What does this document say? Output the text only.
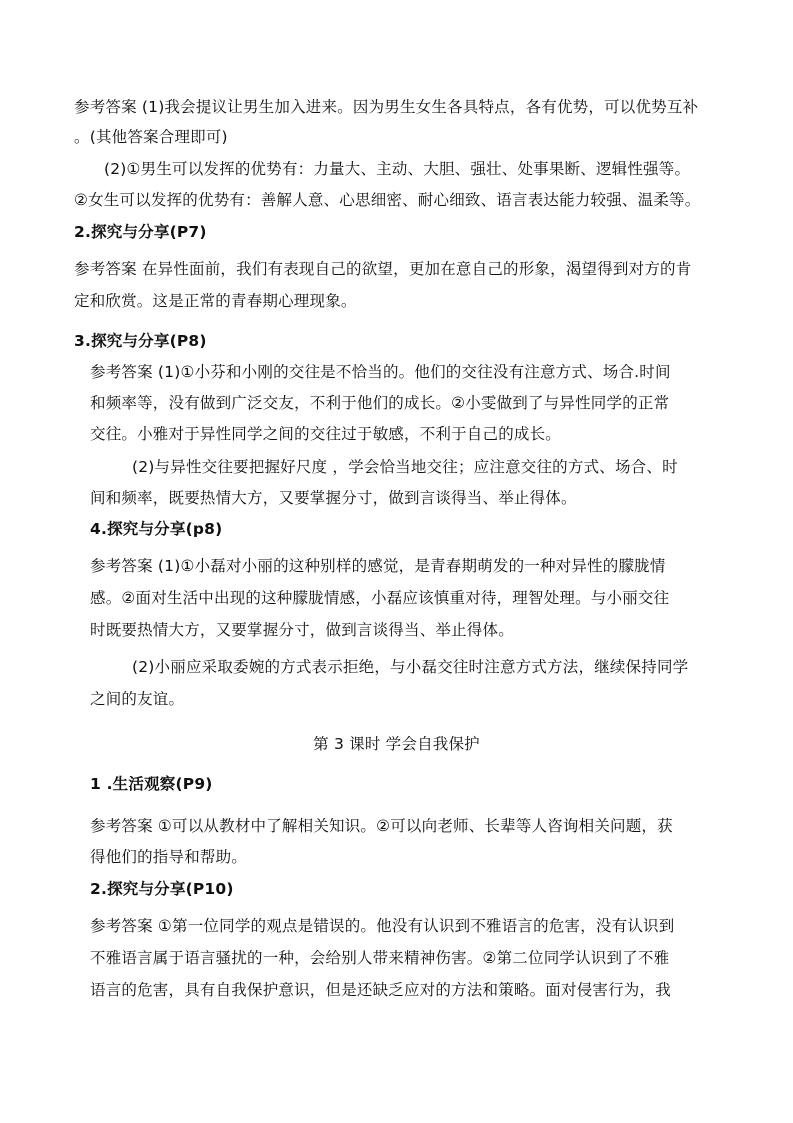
参考答案 (1)我会提议让男生加入进来。因为男生女生各具特点，各有优势，可以优势互补
。(其他答案合理即可)
(2)①男生可以发挥的优势有：力量大、主动、大胆、强壮、处事果断、逻辑性强等。
②女生可以发挥的优势有：善解人意、心思细密、耐心细致、语言表达能力较强、温柔等。
2.探究与分享(P7)
参考答案 在异性面前，我们有表现自己的欲望，更加在意自己的形象，渴望得到对方的肯
定和欣赏。这是正常的青春期心理现象。
3.探究与分享(P8)
参考答案 (1)①小芬和小刚的交往是不恰当的。他们的交往没有注意方式、场合.时间
和频率等，没有做到广泛交友，不利于他们的成长。②小雯做到了与异性同学的正常
交往。小雅对于异性同学之间的交往过于敏感，不利于自己的成长。
(2)与异性交往要把握好尺度 ，学会恰当地交往；应注意交往的方式、场合、时
间和频率，既要热情大方，又要掌握分寸，做到言谈得当、举止得体。
4.探究与分享(p8)
参考答案 (1)①小磊对小丽的这种别样的感觉，是青春期萌发的一种对异性的朦胧情
感。②面对生活中出现的这种朦胧情感，小磊应该慎重对待，理智处理。与小丽交往
时既要热情大方，又要掌握分寸，做到言谈得当、举止得体。
(2)小丽应采取委婉的方式表示拒绝，与小磊交往时注意方式方法，继续保持同学
之间的友谊。
第 3 课时 学会自我保护
1 .生活观察(P9)
参考答案 ①可以从教材中了解相关知识。②可以向老师、长辈等人咨询相关问题，获
得他们的指导和帮助。
2.探究与分享(P10)
参考答案 ①第一位同学的观点是错误的。他没有认识到不雅语言的危害，没有认识到
不雅语言属于语言骚扰的一种，会给别人带来精神伤害。②第二位同学认识到了不雅
语言的危害，具有自我保护意识，但是还缺乏应对的方法和策略。面对侵害行为，我
